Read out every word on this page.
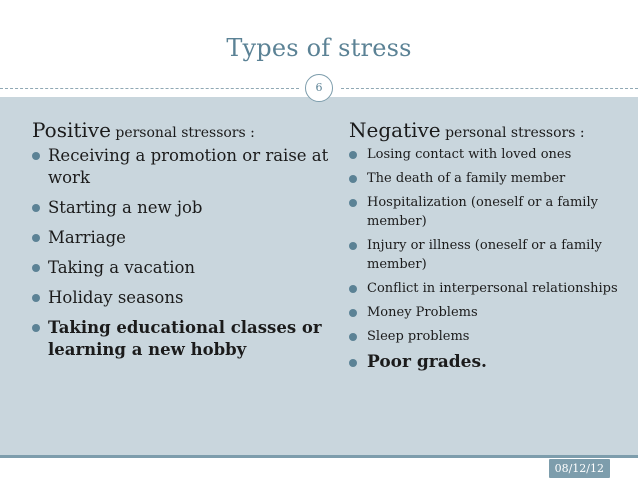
Types of stress
6
Positive personal stressors :
Receiving a promotion or raise at work
Starting a new job
Marriage
Taking a vacation
Holiday seasons
Taking educational classes or learning a new hobby
Negative personal stressors :
Losing contact with loved ones
The death of a family member
Hospitalization (oneself or a family member)
Injury or illness (oneself or a family member)
Conflict in interpersonal relationships
Money Problems
Sleep problems
Poor grades.
08/12/12
